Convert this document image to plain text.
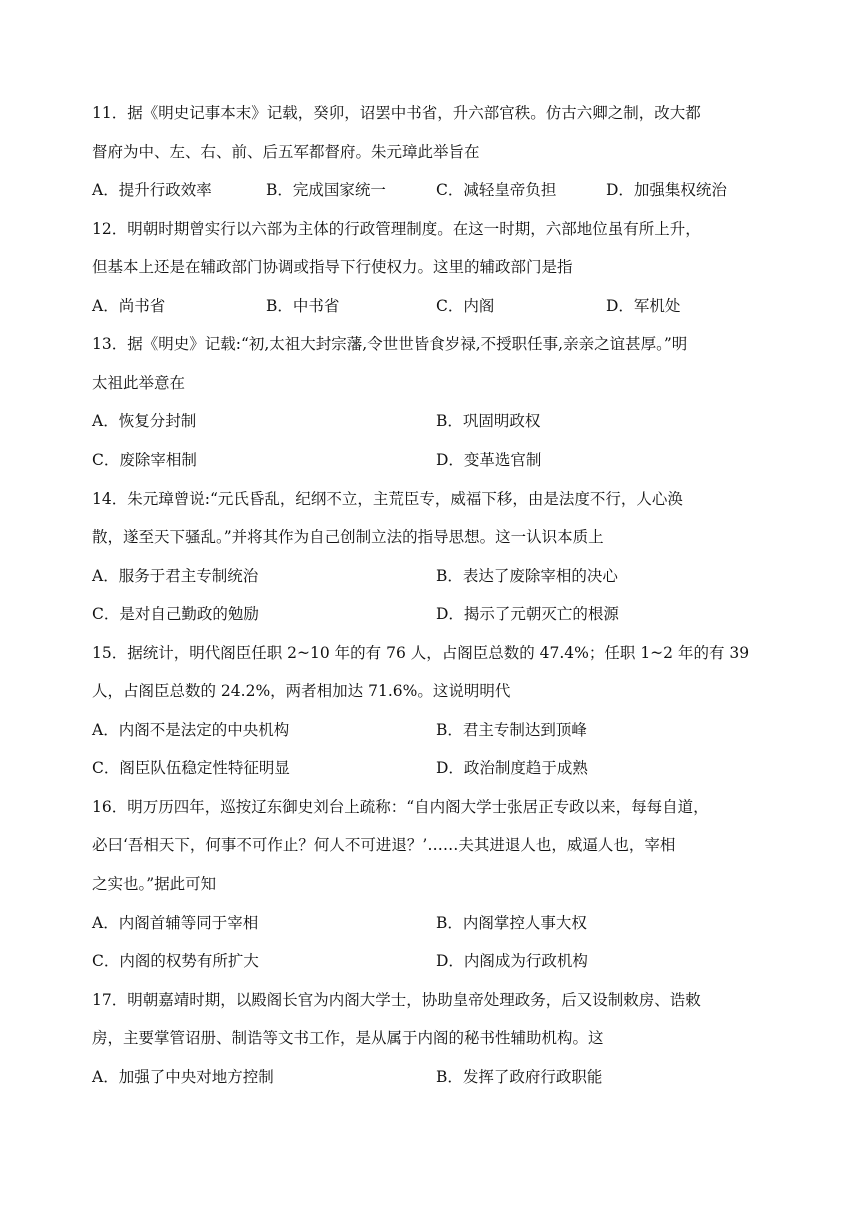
11．据《明史记事本末》记载，癸卯，诏罢中书省，升六部官秩。仿古六卿之制，改大都
督府为中、左、右、前、后五军都督府。朱元璋此举旨在
A．提升行政效率	B．完成国家统一	C．减轻皇帝负担	D．加强集权统治
12．明朝时期曾实行以六部为主体的行政管理制度。在这一时期，六部地位虽有所上升，
但基本上还是在辅政部门协调或指导下行使权力。这里的辅政部门是指
A．尚书省	B．中书省	C．内阁	D．军机处
13．据《明史》记载:“初,太祖大封宗藩,令世世皆食岁禄,不授职任事,亲亲之谊甚厚。”明
太祖此举意在
A．恢复分封制	B．巩固明政权
C．废除宰相制	D．变革选官制
14．朱元璋曾说:“元氏昏乱，纪纲不立，主荒臣专，威福下移，由是法度不行，人心涣
散，遂至天下骚乱。”并将其作为自己创制立法的指导思想。这一认识本质上
A．服务于君主专制统治	B．表达了废除宰相的决心
C．是对自己勤政的勉励	D．揭示了元朝灭亡的根源
15．据统计，明代阁臣任职 2~10 年的有 76 人，占阁臣总数的 47.4%；任职 1~2 年的有 39
人，占阁臣总数的 24.2%，两者相加达 71.6%。这说明明代
A．内阁不是法定的中央机构	B．君主专制达到顶峰
C．阁臣队伍稳定性特征明显	D．政治制度趋于成熟
16．明万历四年，巡按辽东御史刘台上疏称：“自内阁大学士张居正专政以来，每每自道，
必曰‘吾相天下，何事不可作止？何人不可进退？’……夫其进退人也，威逼人也，宰相
之实也。”据此可知
A．内阁首辅等同于宰相	B．内阁掌控人事大权
C．内阁的权势有所扩大	D．内阁成为行政机构
17．明朝嘉靖时期，以殿阁长官为内阁大学士，协助皇帝处理政务，后又设制敕房、诰敕
房，主要掌管诏册、制诰等文书工作，是从属于内阁的秘书性辅助机构。这
A．加强了中央对地方控制	B．发挥了政府行政职能
